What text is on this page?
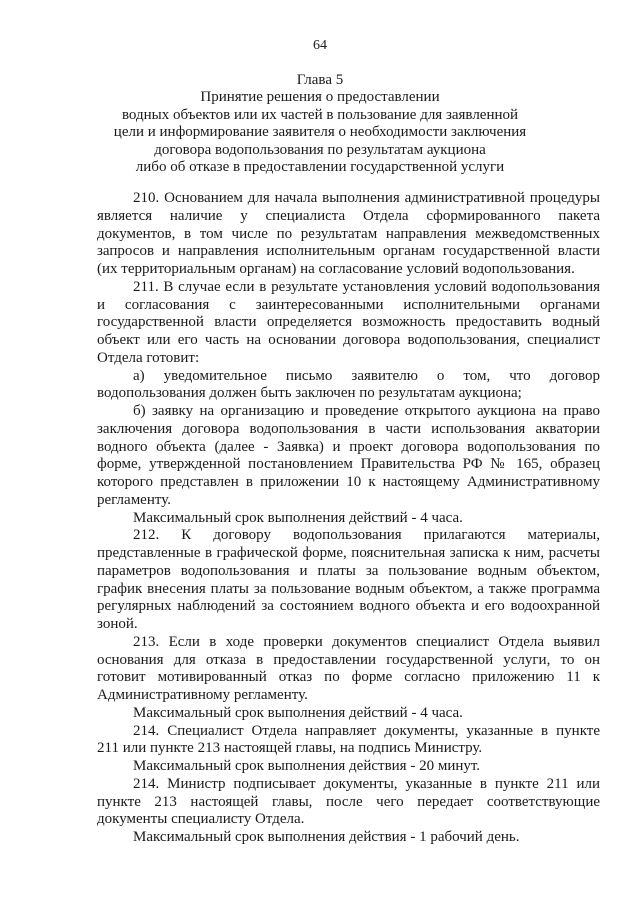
64
Глава 5
Принятие решения о предоставлении
водных объектов или их частей в пользование для заявленной
цели и информирование заявителя о необходимости заключения
договора водопользования по результатам аукциона
либо об отказе в предоставлении государственной услуги
210. Основанием для начала выполнения административной процедуры
является наличие у специалиста Отдела сформированного пакета
документов, в том числе по результатам направления межведомственных
запросов и направления исполнительным органам государственной власти
(их территориальным органам) на согласование условий водопользования.
211. В случае если в результате установления условий водопользования
и согласования с заинтересованными исполнительными органами
государственной власти определяется возможность предоставить водный
объект или его часть на основании договора водопользования, специалист
Отдела готовит:
а) уведомительное письмо заявителю о том, что договор
водопользования должен быть заключен по результатам аукциона;
б) заявку на организацию и проведение открытого аукциона на право
заключения договора водопользования в части использования акватории
водного объекта (далее - Заявка) и проект договора водопользования по
форме, утвержденной постановлением Правительства РФ № 165, образец
которого представлен в приложении 10 к настоящему Административному
регламенту.
Максимальный срок выполнения действий - 4 часа.
212. К договору водопользования прилагаются материалы,
представленные в графической форме, пояснительная записка к ним, расчеты
параметров водопользования и платы за пользование водным объектом,
график внесения платы за пользование водным объектом, а также программа
регулярных наблюдений за состоянием водного объекта и его водоохранной
зоной.
213. Если в ходе проверки документов специалист Отдела выявил
основания для отказа в предоставлении государственной услуги, то он
готовит мотивированный отказ по форме согласно приложению 11 к
Административному регламенту.
Максимальный срок выполнения действий - 4 часа.
214. Специалист Отдела направляет документы, указанные в пункте
211 или пункте 213 настоящей главы, на подпись Министру.
Максимальный срок выполнения действия - 20 минут.
214. Министр подписывает документы, указанные в пункте 211 или
пункте 213 настоящей главы, после чего передает соответствующие
документы специалисту Отдела.
Максимальный срок выполнения действия - 1 рабочий день.
